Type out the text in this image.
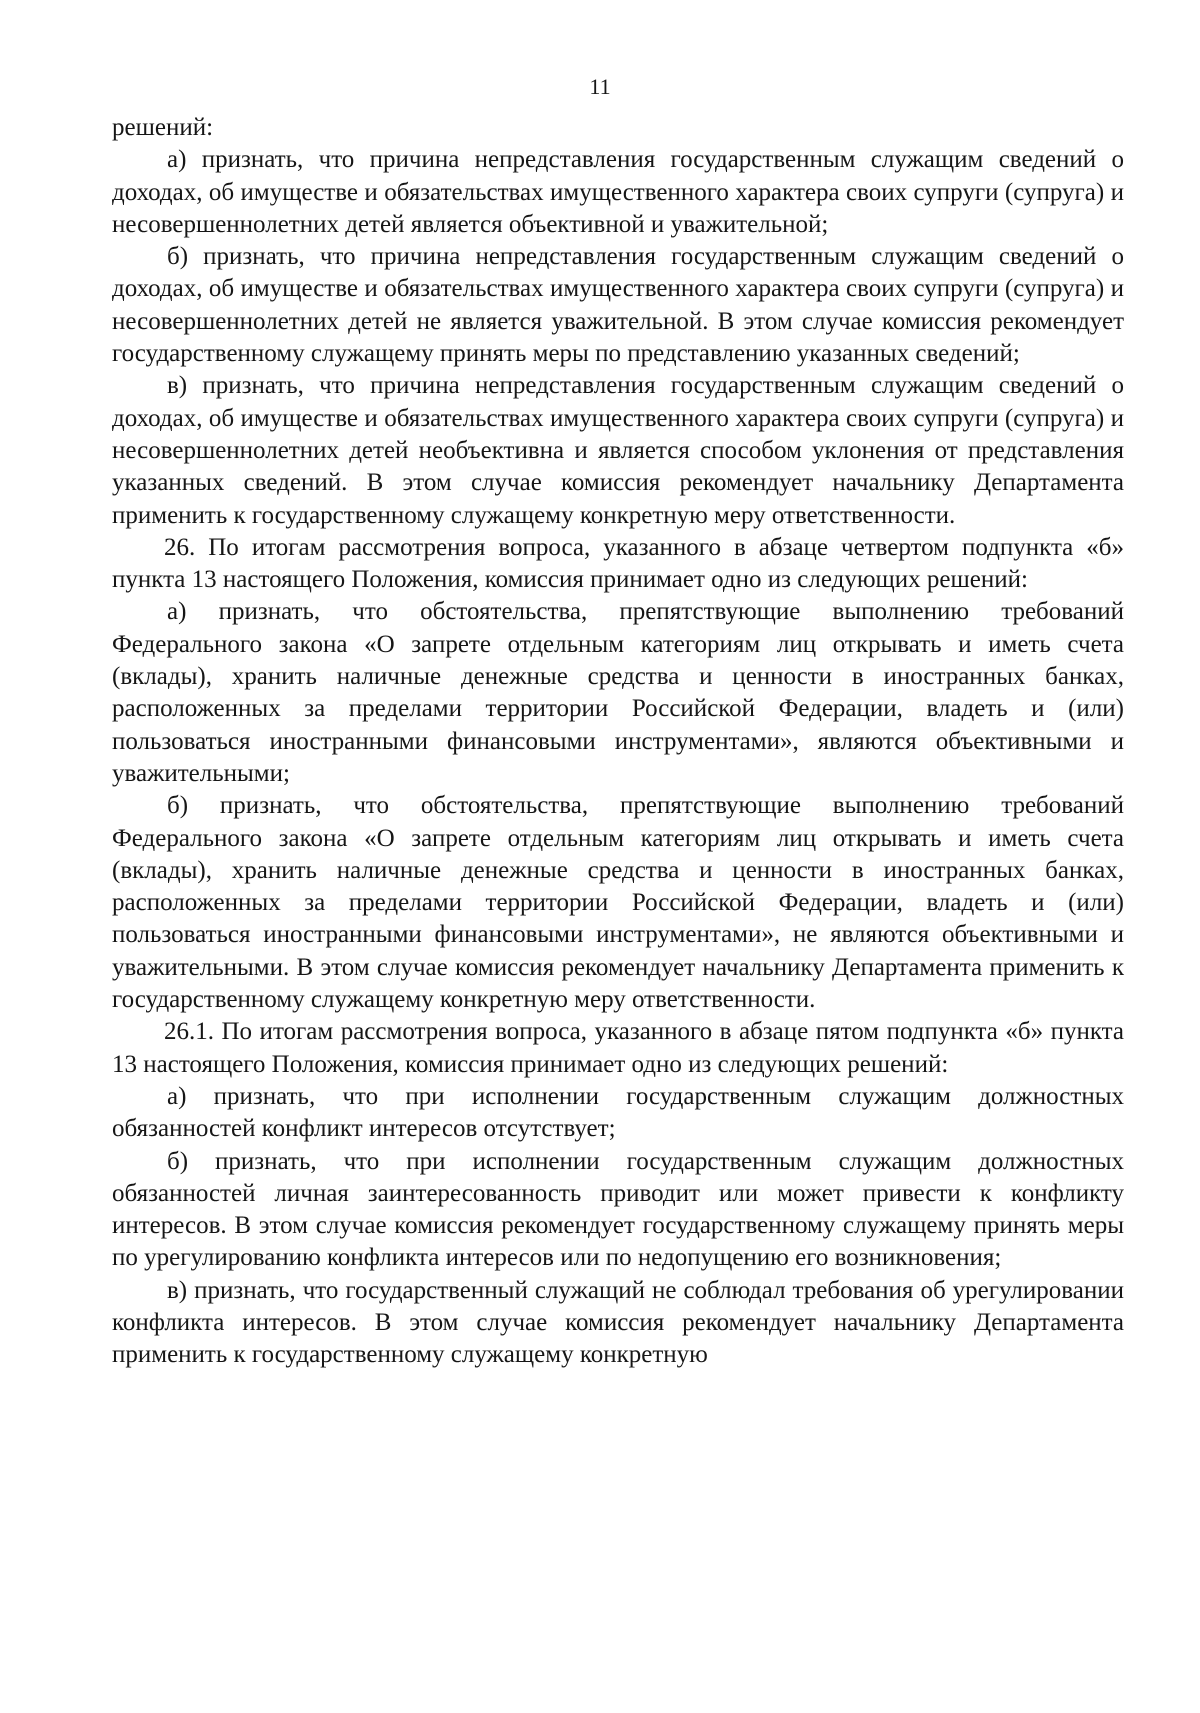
11

решений:

а) признать, что причина непредставления государственным служащим сведений о доходах, об имуществе и обязательствах имущественного характера своих супруги (супруга) и несовершеннолетних детей является объективной и уважительной;

б) признать, что причина непредставления государственным служащим сведений о доходах, об имуществе и обязательствах имущественного характера своих супруги (супруга) и несовершеннолетних детей не является уважительной. В этом случае комиссия рекомендует государственному служащему принять меры по представлению указанных сведений;

в) признать, что причина непредставления государственным служащим сведений о доходах, об имуществе и обязательствах имущественного характера своих супруги (супруга) и несовершеннолетних детей необъективна и является способом уклонения от представления указанных сведений. В этом случае комиссия рекомендует начальнику Департамента применить к государственному служащему конкретную меру ответственности.

26. По итогам рассмотрения вопроса, указанного в абзаце четвертом подпункта «б» пункта 13 настоящего Положения, комиссия принимает одно из следующих решений:

а) признать, что обстоятельства, препятствующие выполнению требований Федерального закона «О запрете отдельным категориям лиц открывать и иметь счета (вклады), хранить наличные денежные средства и ценности в иностранных банках, расположенных за пределами территории Российской Федерации, владеть и (или) пользоваться иностранными финансовыми инструментами», являются объективными и уважительными;

б) признать, что обстоятельства, препятствующие выполнению требований Федерального закона «О запрете отдельным категориям лиц открывать и иметь счета (вклады), хранить наличные денежные средства и ценности в иностранных банках, расположенных за пределами территории Российской Федерации, владеть и (или) пользоваться иностранными финансовыми инструментами», не являются объективными и уважительными. В этом случае комиссия рекомендует начальнику Департамента применить к государственному служащему конкретную меру ответственности.

26.1. По итогам рассмотрения вопроса, указанного в абзаце пятом подпункта «б» пункта 13 настоящего Положения, комиссия принимает одно из следующих решений:

а) признать, что при исполнении государственным служащим должностных обязанностей конфликт интересов отсутствует;

б) признать, что при исполнении государственным служащим должностных обязанностей личная заинтересованность приводит или может привести к конфликту интересов. В этом случае комиссия рекомендует государственному служащему принять меры по урегулированию конфликта интересов или по недопущению его возникновения;

в) признать, что государственный служащий не соблюдал требования об урегулировании конфликта интересов. В этом случае комиссия рекомендует начальнику Департамента применить к государственному служащему конкретную
